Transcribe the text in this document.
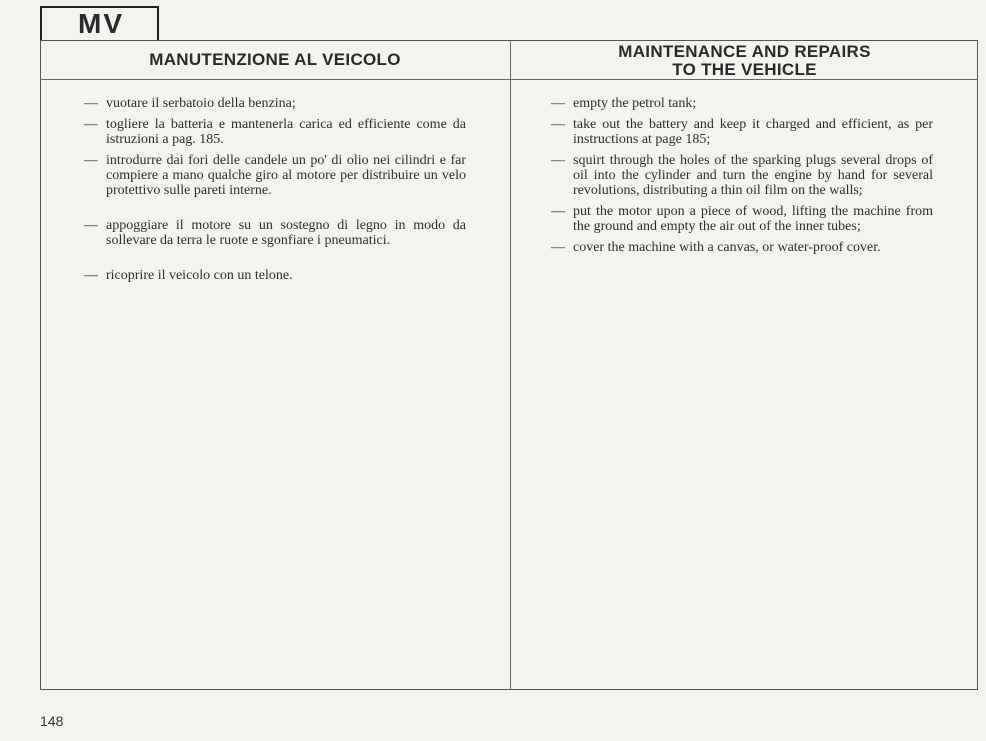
MV
MANUTENZIONE AL VEICOLO	MAINTENANCE AND REPAIRS
TO THE VEHICLE
— vuotare il serbatoio della benzina;
— togliere la batteria e mantenerla carica ed efficiente come da istruzioni a pag. 185.
— introdurre dai fori delle candele un po' di olio nei cilindri e far compiere a mano qualche giro al motore per distribuire un velo protettivo sulle pareti interne.
— appoggiare il motore su un sostegno di legno in modo da sollevare da terra le ruote e sgonfiare i pneumatici.
— ricoprire il veicolo con un telone.
— empty the petrol tank;
— take out the battery and keep it charged and efficient, as per instructions at page 185;
— squirt through the holes of the sparking plugs several drops of oil into the cylinder and turn the engine by hand for several revolutions, distributing a thin oil film on the walls;
— put the motor upon a piece of wood, lifting the machine from the ground and empty the air out of the inner tubes;
— cover the machine with a canvas, or water-proof cover.
148
